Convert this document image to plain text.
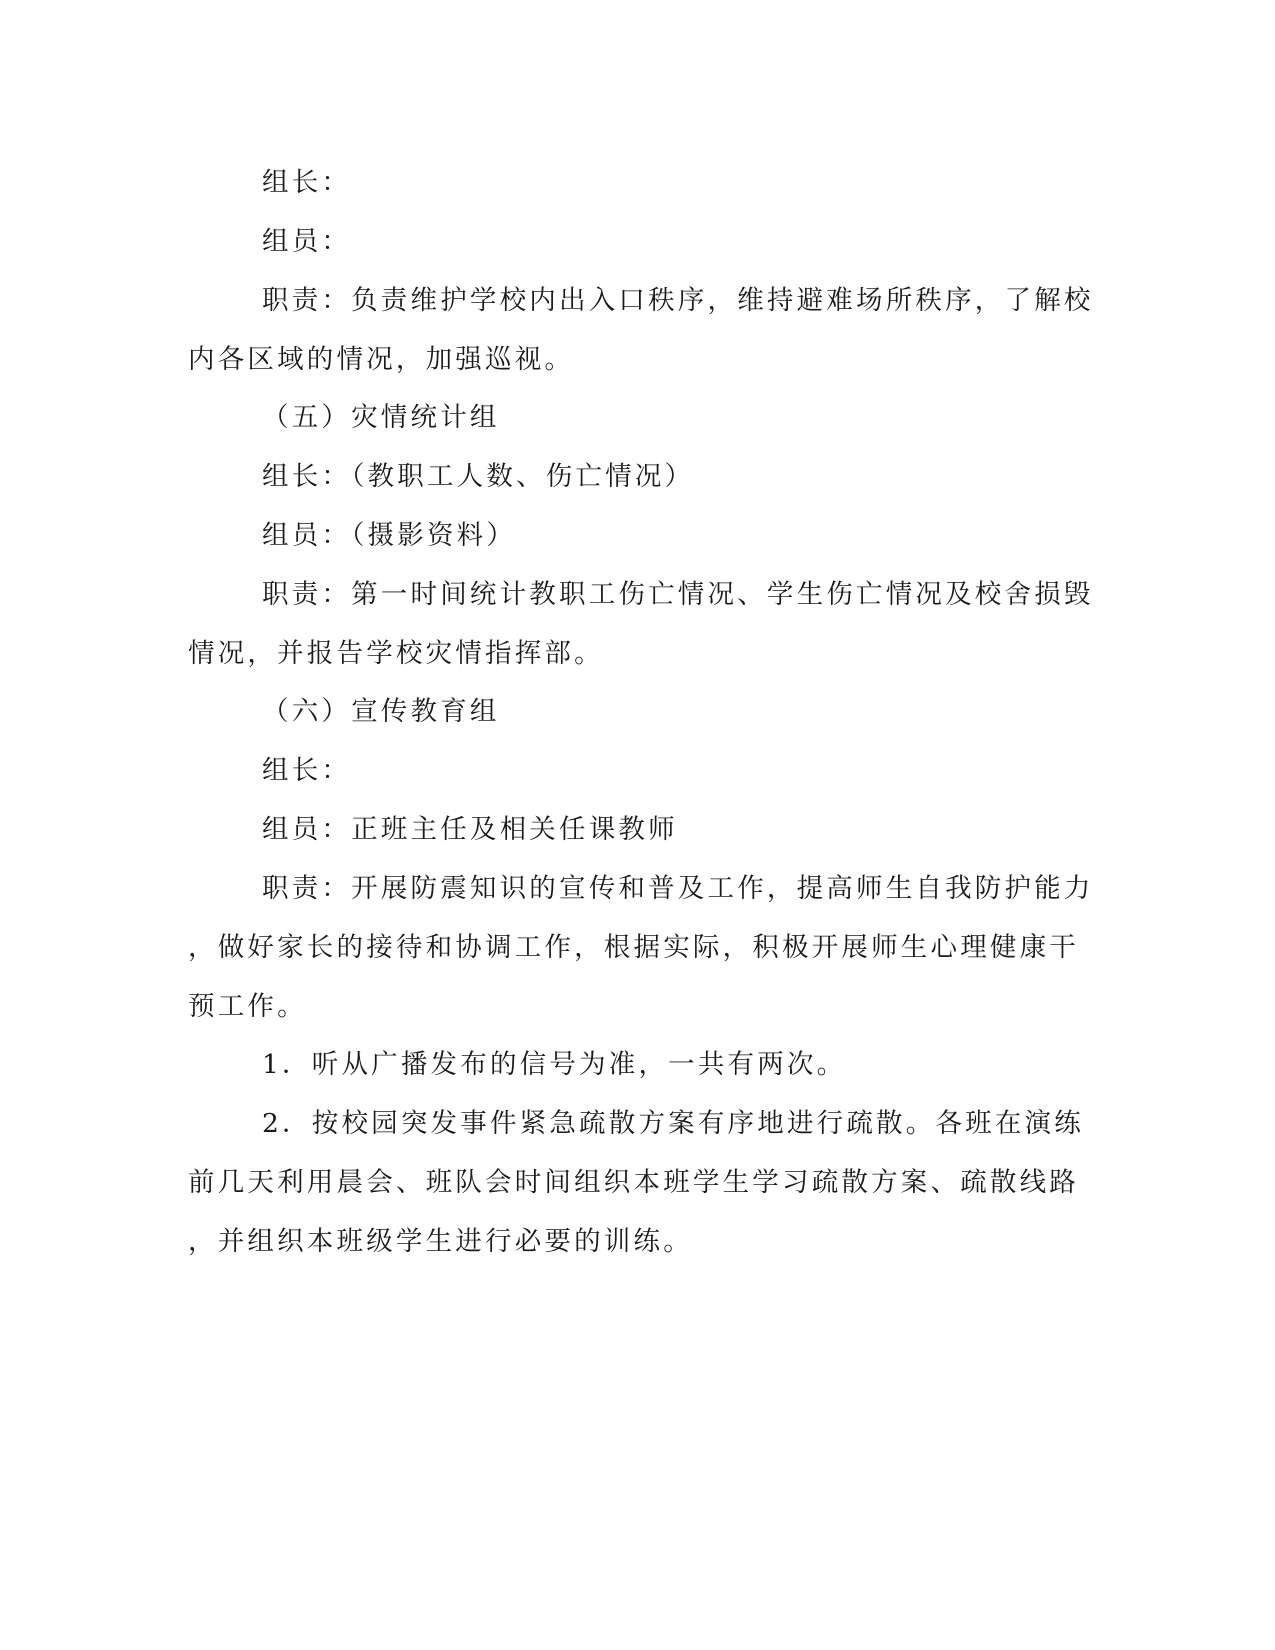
组长：
组员：
职责：负责维护学校内出入口秩序，维持避难场所秩序，了解校
内各区域的情况，加强巡视。
（五）灾情统计组
组长：（教职工人数、伤亡情况）
组员：（摄影资料）
职责：第一时间统计教职工伤亡情况、学生伤亡情况及校舍损毁
情况，并报告学校灾情指挥部。
（六）宣传教育组
组长：
组员：正班主任及相关任课教师
职责：开展防震知识的宣传和普及工作，提高师生自我防护能力
，做好家长的接待和协调工作，根据实际，积极开展师生心理健康干
预工作。
1．听从广播发布的信号为准，一共有两次。
2．按校园突发事件紧急疏散方案有序地进行疏散。各班在演练
前几天利用晨会、班队会时间组织本班学生学习疏散方案、疏散线路
，并组织本班级学生进行必要的训练。
